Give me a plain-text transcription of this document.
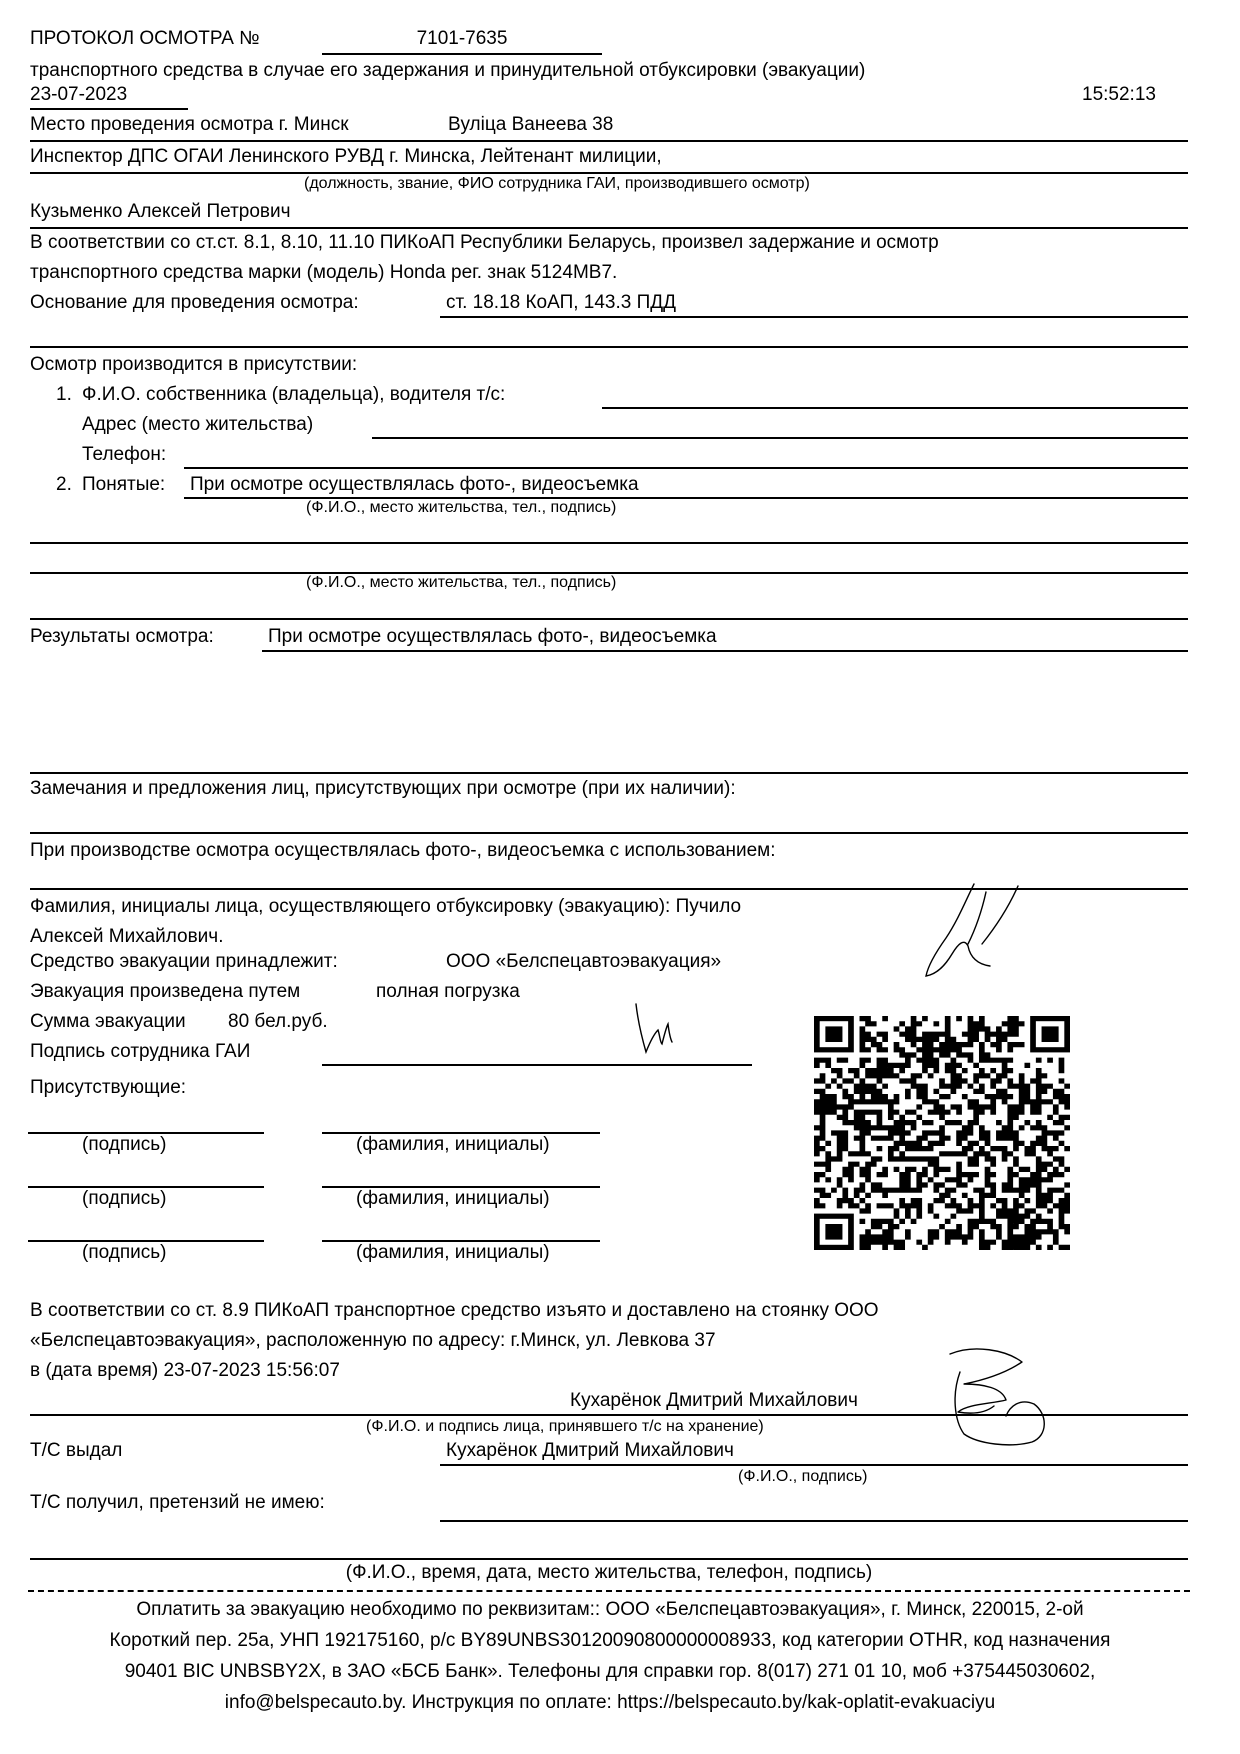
ПРОТОКОЛ ОСМОТРА №	7101-7635
транспортного средства в случае его задержания и принудительной отбуксировки (эвакуации)
23-07-2023	15:52:13
Место проведения осмотра г. Минск	Вуліца Ванеева 38
Инспектор ДПС ОГАИ Ленинского РУВД г. Минска, Лейтенант милиции,
(должность, звание, ФИО сотрудника ГАИ, производившего осмотр)
Кузьменко Алексей Петрович
В соответствии со ст.ст. 8.1, 8.10, 11.10 ПИКоАП Республики Беларусь, произвел задержание и осмотр
транспортного средства марки (модель) Honda рег. знак 5124МВ7.
Основание для проведения осмотра:	ст. 18.18 КоАП, 143.3 ПДД
Осмотр производится в присутствии:
1. Ф.И.О. собственника (владельца), водителя т/с:
Адрес (место жительства)
Телефон:
2. Понятые: При осмотре осуществлялась фото-, видеосъемка
(Ф.И.О., место жительства, тел., подпись)
(Ф.И.О., место жительства, тел., подпись)
Результаты осмотра:	При осмотре осуществлялась фото-, видеосъемка
Замечания и предложения лиц, присутствующих при осмотре (при их наличии):
При производстве осмотра осуществлялась фото-, видеосъемка с использованием:
Фамилия, инициалы лица, осуществляющего отбуксировку (эвакуацию): Пучило
Алексей Михайлович.
Средство эвакуации принадлежит:	ООО «Белспецавтоэвакуация»
Эвакуация произведена путем	полная погрузка
Сумма эвакуации 80 бел.руб.
Подпись сотрудника ГАИ
Присутствующие:
(подпись)	(фамилия, инициалы)
(подпись)	(фамилия, инициалы)
(подпись)	(фамилия, инициалы)
В соответствии со ст. 8.9 ПИКоАП транспортное средство изъято и доставлено на стоянку ООО
«Белспецавтоэвакуация», расположенную по адресу: г.Минск, ул. Левкова 37
в (дата время) 23-07-2023 15:56:07
Кухарёнок Дмитрий Михайлович
(Ф.И.О. и подпись лица, принявшего т/с на хранение)
Т/С выдал	Кухарёнок Дмитрий Михайлович
(Ф.И.О., подпись)
Т/С получил, претензий не имею:
(Ф.И.О., время, дата, место жительства, телефон, подпись)
Оплатить за эвакуацию необходимо по реквизитам:: ООО «Белспецавтоэвакуация», г. Минск, 220015, 2-ой
Короткий пер. 25а, УНП 192175160, р/с BY89UNBS30120090800000008933, код категории OTHR, код назначения
90401 BIC UNBSBY2X, в ЗАО «БСБ Банк». Телефоны для справки гор. 8(017) 271 01 10, моб +375445030602,
info@belspecauto.by. Инструкция по оплате: https://belspecauto.by/kak-oplatit-evakuaciyu
